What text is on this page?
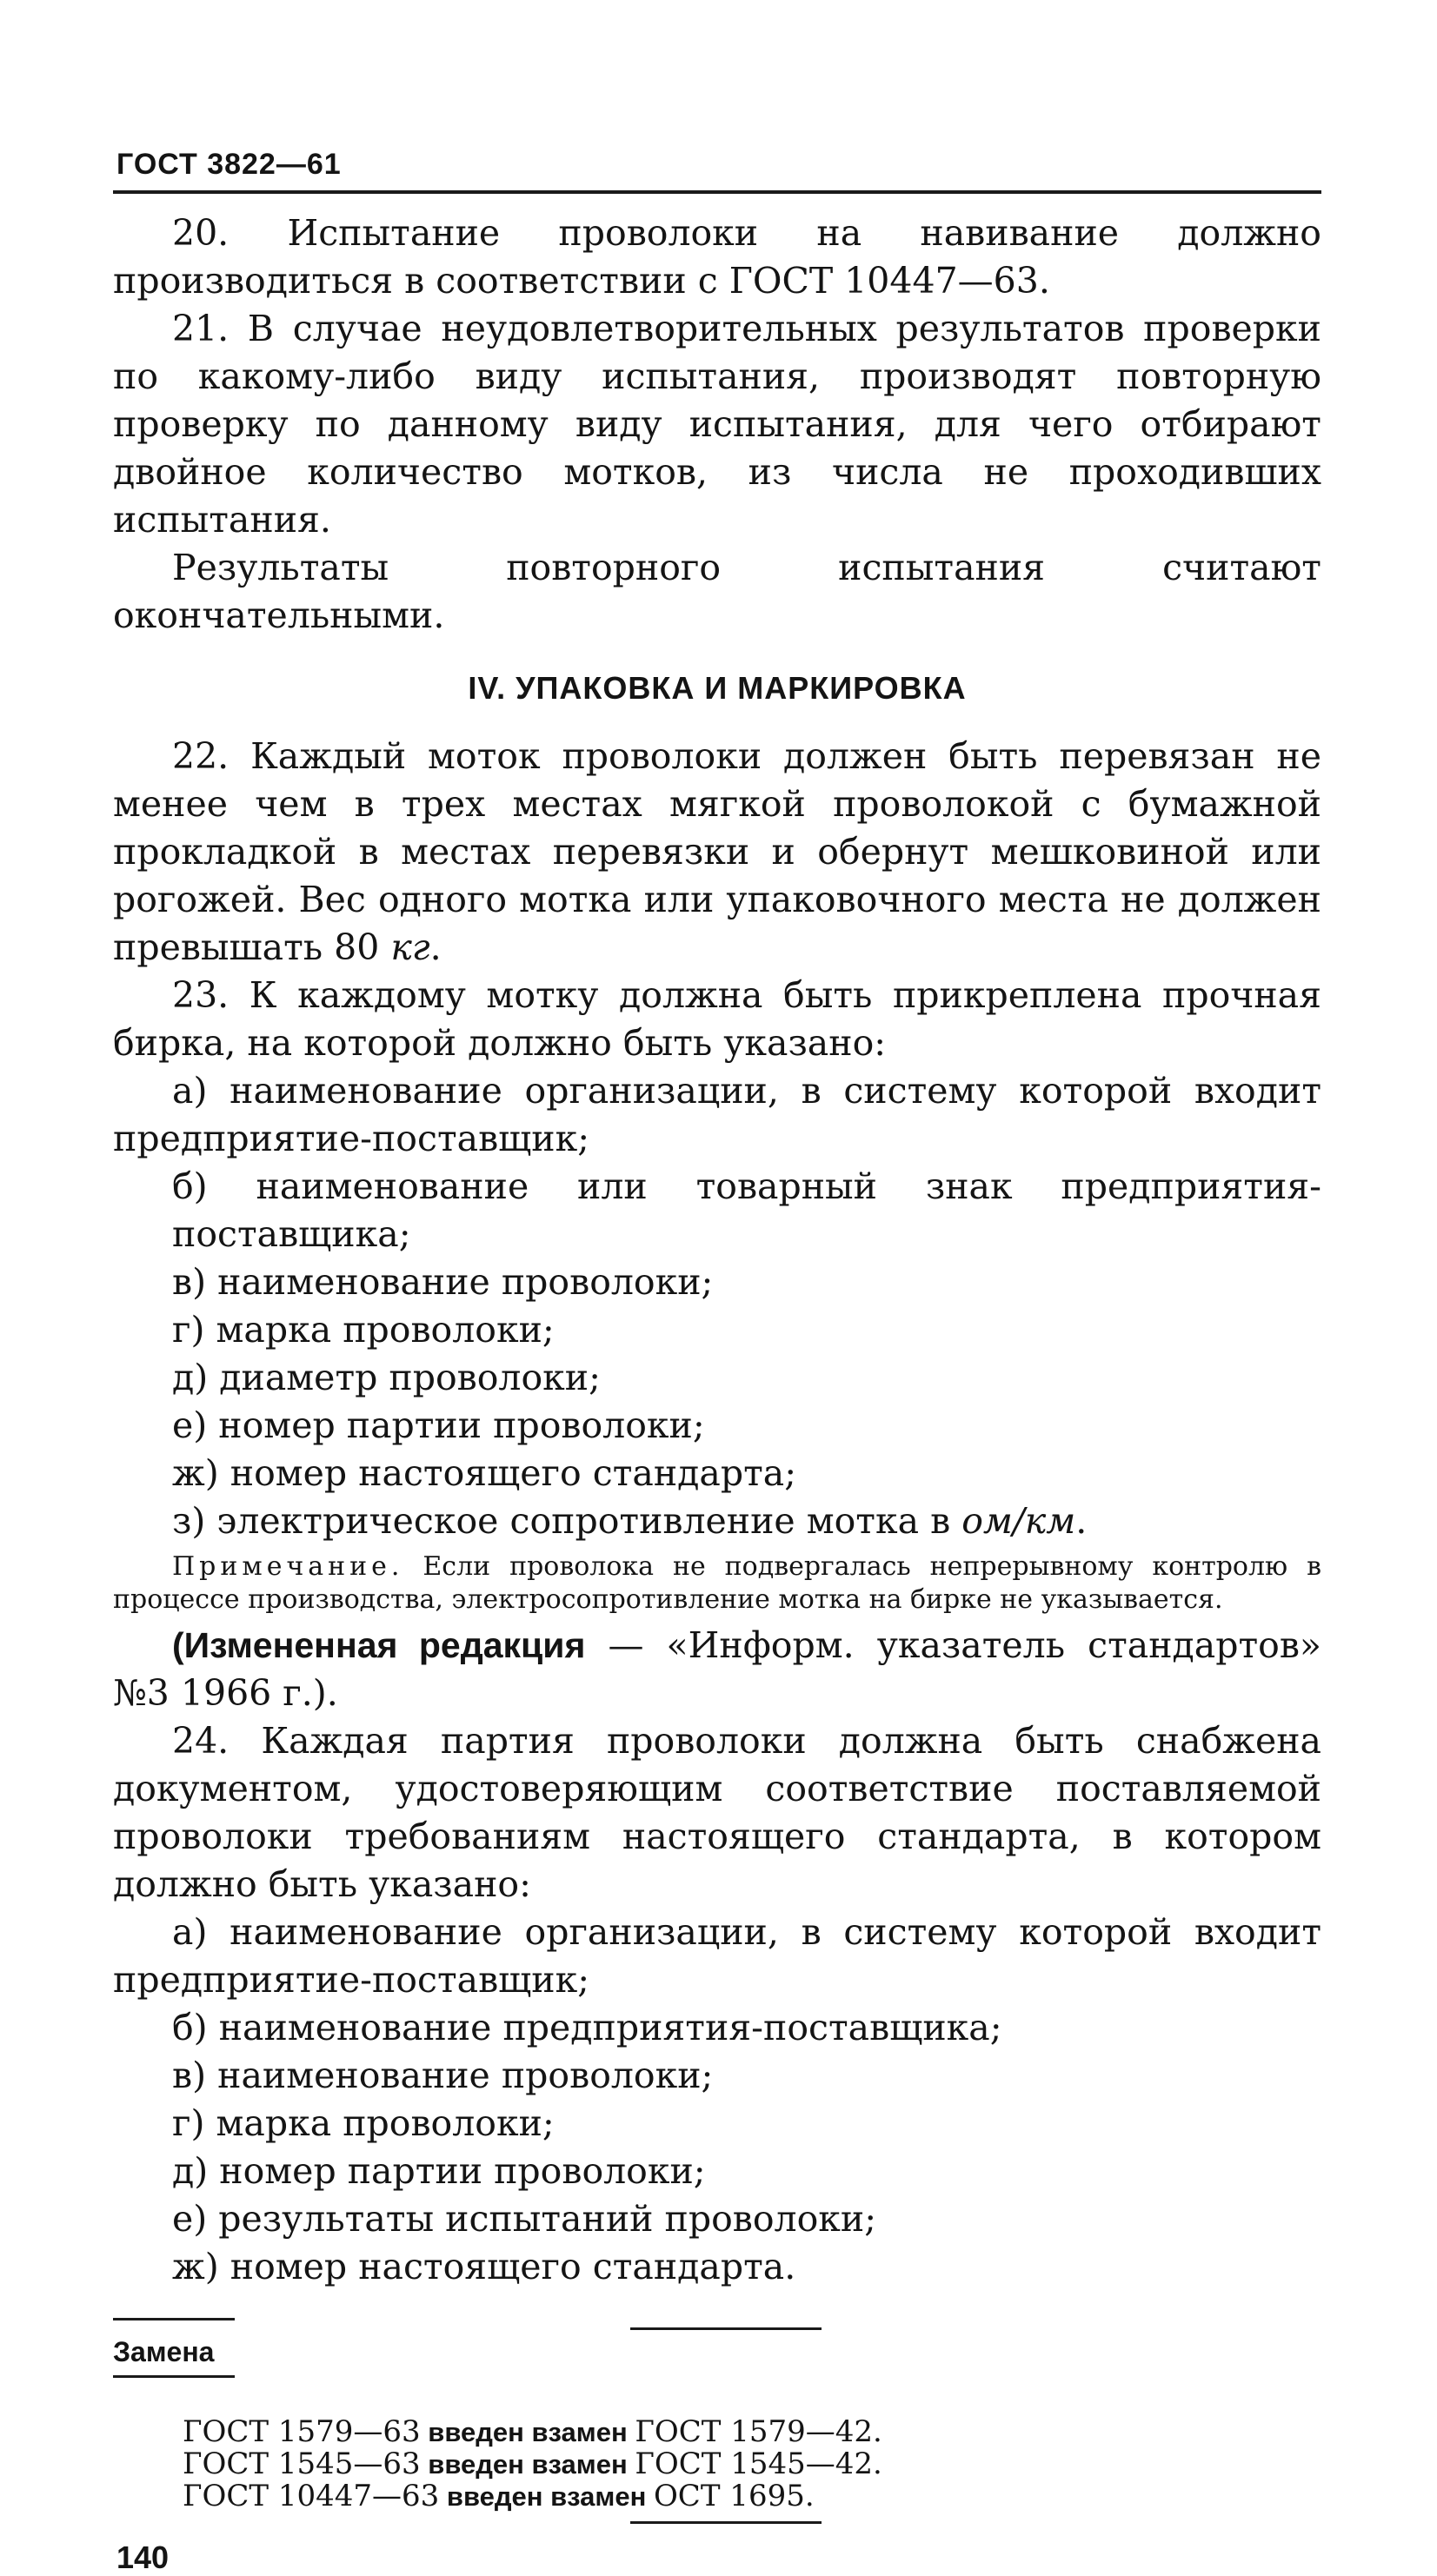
ГОСТ 3822—61

20. Испытание проволоки на навивание должно производиться в соответствии с ГОСТ 10447—63.

21. В случае неудовлетворительных результатов проверки по какому-либо виду испытания, производят повторную проверку по данному виду испытания, для чего отбирают двойное количество мотков, из числа не проходивших испытания.

Результаты повторного испытания считают окончательными.

IV. УПАКОВКА И МАРКИРОВКА

22. Каждый моток проволоки должен быть перевязан не менее чем в трех местах мягкой проволокой с бумажной прокладкой в местах перевязки и обернут мешковиной или рогожей. Вес одного мотка или упаковочного места не должен превышать 80 кг.

23. К каждому мотку должна быть прикреплена прочная бирка, на которой должно быть указано:

а) наименование организации, в систему которой входит предприятие-поставщик;

б) наименование или товарный знак предприятия-поставщика;

в) наименование проволоки;

г) марка проволоки;

д) диаметр проволоки;

е) номер партии проволоки;

ж) номер настоящего стандарта;

з) электрическое сопротивление мотка в ом/км.

Примечание. Если проволока не подвергалась непрерывному контролю в процессе производства, электросопротивление мотка на бирке не указывается.

(Измененная редакция — «Информ. указатель стандартов» №3 1966 г.).

24. Каждая партия проволоки должна быть снабжена документом, удостоверяющим соответствие поставляемой проволоки требованиям настоящего стандарта, в котором должно быть указано:

а) наименование организации, в систему которой входит предприятие-поставщик;

б) наименование предприятия-поставщика;

в) наименование проволоки;

г) марка проволоки;

д) номер партии проволоки;

е) результаты испытаний проволоки;

ж) номер настоящего стандарта.

Замена

ГОСТ 1579—63 введен взамен ГОСТ 1579—42.

ГОСТ 1545—63 введен взамен ГОСТ 1545—42.

ГОСТ 10447—63 введен взамен ОСТ 1695.

140
